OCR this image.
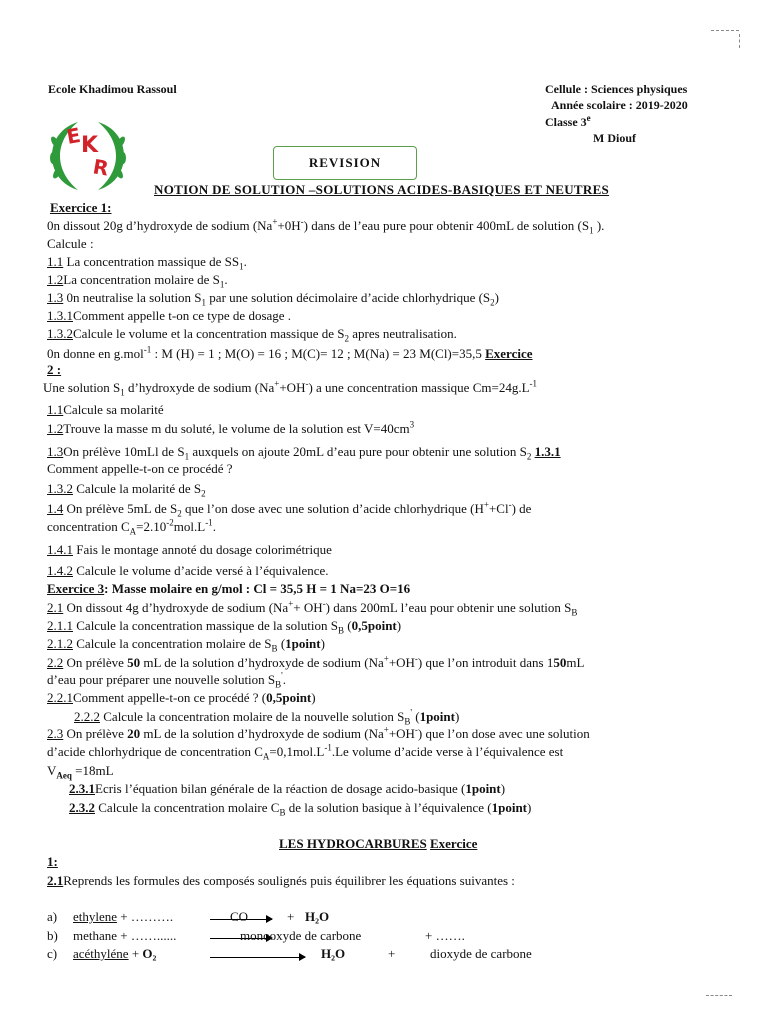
Ecole Khadimou Rassoul	Cellule : Sciences physiques
Année scolaire : 2019-2020
Classe 3e
M Diouf
E
K
R	REVISION
NOTION DE SOLUTION –SOLUTIONS ACIDES-BASIQUES ET NEUTRES
Exercice 1:
0n dissout 20g d’hydroxyde de sodium (Na++0H-) dans de l’eau pure pour obtenir 400mL de solution ($S_1$ ).
Calcule :
1.1 La concentration massique de $SS_1$.
1.2La concentration molaire de $S_1$.
1.3 0n neutralise la solution $S_1$ par une solution décimolaire d’acide chlorhydrique $(S_2)$
1.3.1Comment appelle t-on ce type de dosage .
1.3.2Calcule le volume et la concentration massique de $S_2$ apres neutralisation.
0n donne en g.mol$^{-1}$ : M (H) = 1 ; M(O) = 16 ; M(C)= 12 ; M(Na) = 23 M(Cl)=35,5 Exercice
2 :
Une solution $S_1$ d’hydroxyde de sodium (Na++OH-) a une concentration massique $Cm=24g.L^{-1}$
1.1Calcule sa molarité
1.2Trouve la masse m du soluté, le volume de la solution est $V=40cm^3$
1.3On prélève 10mLl de $S_1$ auxquels on ajoute 20mL d’eau pure pour obtenir une solution $S_2$ 1.3.1
Comment appelle-t-on ce procédé ?
1.3.2 Calcule la molarité de $S_2$
1.4 On prélève 5mL de $S_2$ que l’on dose avec une solution d’acide chlorhydrique (H++Cl-) de
concentration $C_A=2.10^{-2}mol.L^{-1}$.
1.4.1 Fais le montage annoté du dosage colorimétrique
1.4.2 Calcule le volume d’acide versé à l’équivalence.
Exercice 3: Masse molaire en g/mol : Cl = 35,5 H = 1 Na=23 O=16
2.1 On dissout 4g d’hydroxyde de sodium (Na++ OH-) dans 200mL l’eau pour obtenir une solution $S_B$
2.1.1 Calcule la concentration massique de la solution $S_B$ (0,5point)
2.1.2 Calcule la concentration molaire de $S_B$ (1point)
2.2 On prélève 50 mL de la solution d’hydroxyde de sodium (Na++OH-) que l’on introduit dans 150mL
d’eau pour préparer une nouvelle solution $S_B'$.
2.2.1Comment appelle-t-on ce procédé ? (0,5point)
2.2.2 Calcule la concentration molaire de la nouvelle solution $S_B'$ (1point)
2.3 On prélève 20 mL de la solution d’hydroxyde de sodium (Na++OH-) que l’on dose avec une solution
d’acide chlorhydrique de concentration $C_A=0,1mol.L^{-1}.Le$ volume d’acide verse à l’équivalence est
$V_{Aeq} =18mL$
2.3.1Ecris l’équation bilan générale de la réaction de dosage acido-basique (1point)
2.3.2 Calcule la concentration molaire $C_B$ de la solution basique à l’équivalence (1point)
LES HYDROCARBURES Exercice
1:
2.1Reprends les formules des composés soulignés puis équilibrer les équations suivantes :
a) ethylene + ……….	CO	+ H₂O
b) methane + ……......	monooxyde de carbone	+ …….
c) acéthyléne + O₂	H₂O	+	dioxyde de carbone
